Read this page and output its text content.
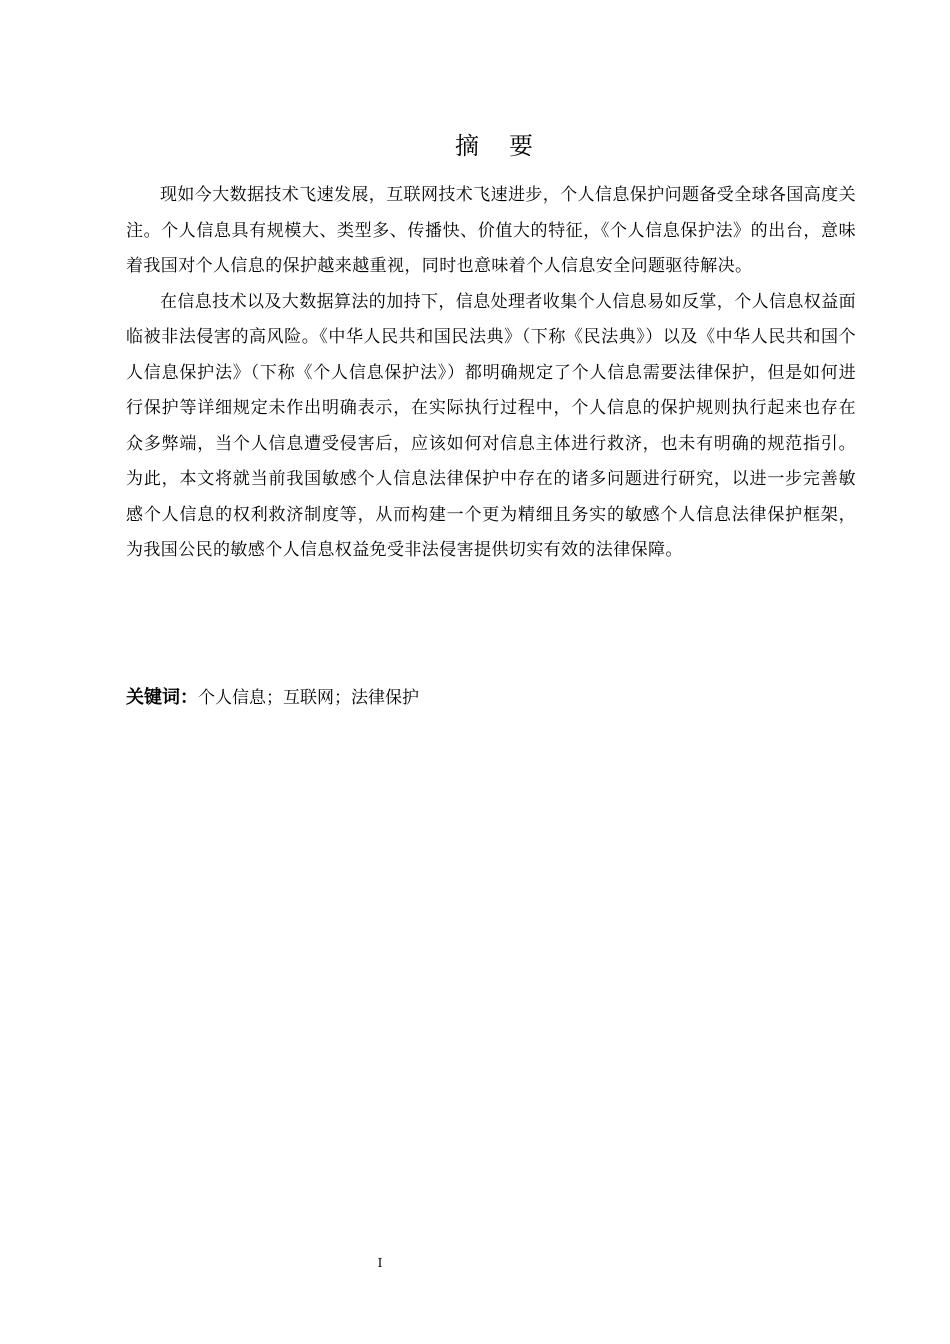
摘 要

现如今大数据技术飞速发展，互联网技术飞速进步，个人信息保护问题备受全球各国高度关注。个人信息具有规模大、类型多、传播快、价值大的特征，《个人信息保护法》的出台，意味着我国对个人信息的保护越来越重视，同时也意味着个人信息安全问题驱待解决。

在信息技术以及大数据算法的加持下，信息处理者收集个人信息易如反掌，个人信息权益面临被非法侵害的高风险。《中华人民共和国民法典》（下称《民法典》）以及《中华人民共和国个人信息保护法》（下称《个人信息保护法》）都明确规定了个人信息需要法律保护，但是如何进行保护等详细规定未作出明确表示，在实际执行过程中，个人信息的保护规则执行起来也存在众多弊端，当个人信息遭受侵害后，应该如何对信息主体进行救济，也未有明确的规范指引。为此，本文将就当前我国敏感个人信息法律保护中存在的诸多问题进行研究，以进一步完善敏感个人信息的权利救济制度等，从而构建一个更为精细且务实的敏感个人信息法律保护框架，为我国公民的敏感个人信息权益免受非法侵害提供切实有效的法律保障。

关键词：个人信息；互联网；法律保护
I
